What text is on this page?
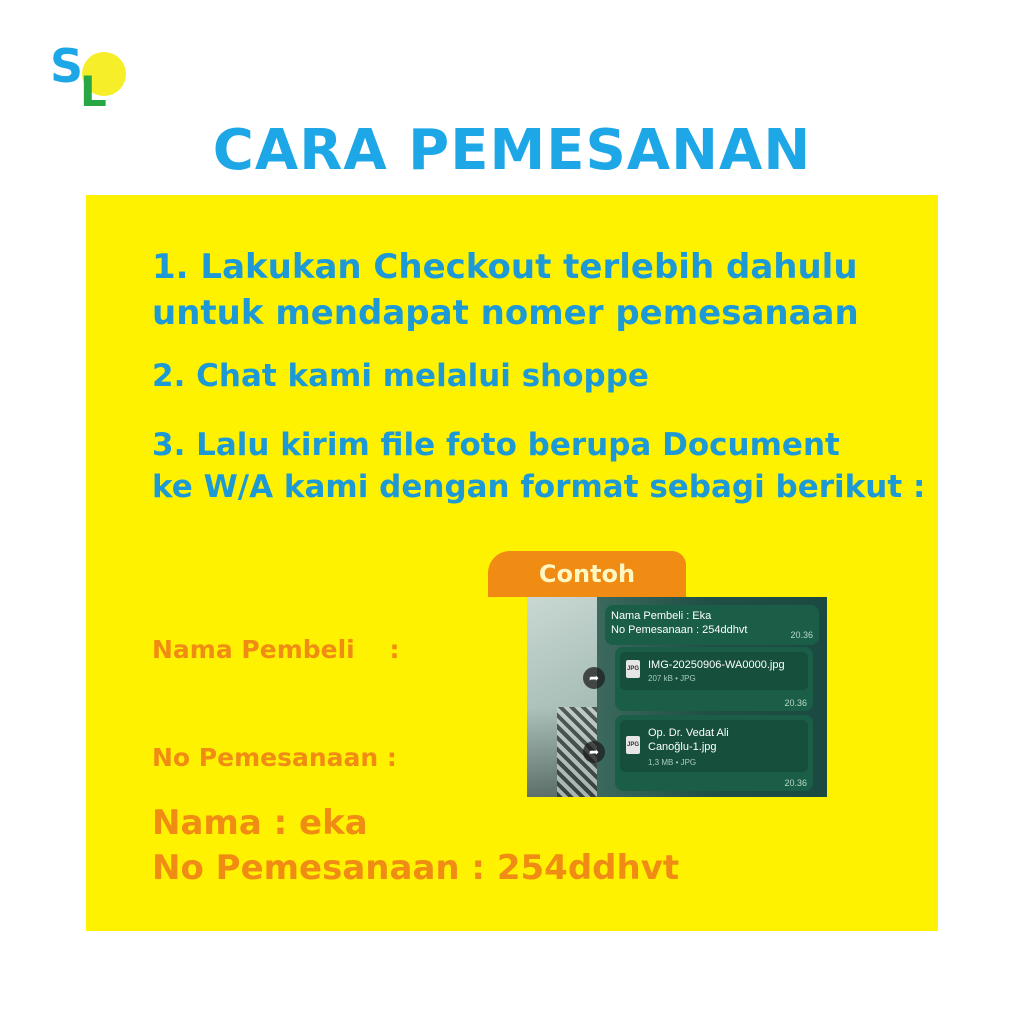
S
L
CARA PEMESANAN
1. Lakukan Checkout terlebih dahulu
untuk mendapat nomer pemesanaan
2. Chat kami melalui shoppe
3. Lalu kirim file foto berupa Document
ke W/A kami dengan format sebagi berikut :

Nama Pembeli    :

No Pemesanaan :

Contoh
Nama Pembeli : Eka
No Pemesanaan : 254ddhvt	20.36
➦
JPG IMG-20250906-WA0000.jpg
207 kB • JPG
20.36
➦	JPG
Op. Dr. Vedat Ali
Canoğlu-1.jpg
1,3 MB • JPG
20.36
Nama : eka
No Pemesanaan : 254ddhvt
